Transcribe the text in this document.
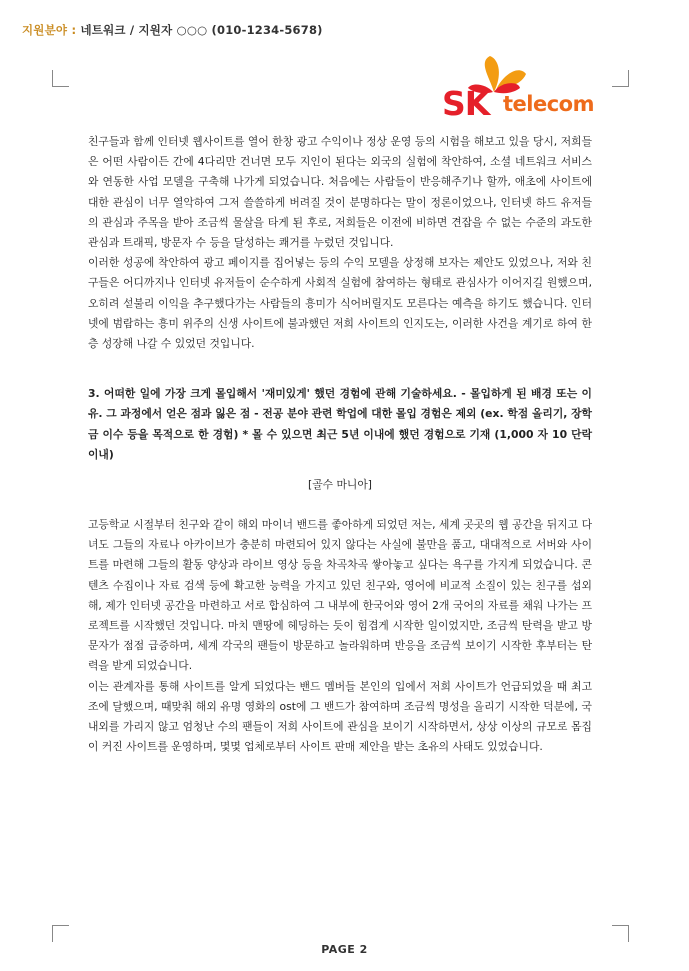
지원분야 : 네트워크 / 지원자 ○○○ (010-1234-5678)
SK telecom

친구들과 함께 인터넷 웹사이트를 열어 한창 광고 수익이나 정상 운영 등의 시험을 해보고 있을 당시, 저희들은 어떤 사람이든 간에 4다리만 건너면 모두 지인이 된다는 외국의 실험에 착안하여, 소셜 네트워크 서비스와 연동한 사업 모델을 구축해 나가게 되었습니다. 처음에는 사람들이 반응해주기나 할까, 애초에 사이트에 대한 관심이 너무 열악하여 그저 쓸쓸하게 버려질 것이 분명하다는 말이 정론이었으나, 인터넷 하드 유저들의 관심과 주목을 받아 조금씩 물살을 타게 된 후로, 저희들은 이전에 비하면 견잡을 수 없는 수준의 과도한 관심과 트래픽, 방문자 수 등을 달성하는 쾌거를 누렸던 것입니다.

이러한 성공에 착안하여 광고 페이지를 집어넣는 등의 수익 모델을 상정해 보자는 제안도 있었으나, 저와 친구들은 어디까지나 인터넷 유저들이 순수하게 사회적 실험에 참여하는 형태로 관심사가 이어지길 원했으며, 오히려 섣불리 이익을 추구했다가는 사람들의 흥미가 식어버릴지도 모른다는 예측을 하기도 했습니다. 인터넷에 범람하는 흥미 위주의 신생 사이트에 불과했던 저희 사이트의 인지도는, 이러한 사건을 계기로 하여 한층 성장해 나갈 수 있었던 것입니다.

3. 어떠한 일에 가장 크게 몰입해서 '재미있게' 했던 경험에 관해 기술하세요. - 몰입하게 된 배경 또는 이유. 그 과정에서 얻은 점과 잃은 점 - 전공 분야 관련 학업에 대한 몰입 경험은 제외 (ex. 학점 올리기, 장학금 이수 등을 목적으로 한 경험) * 몰 수 있으면 최근 5년 이내에 했던 경험으로 기재 (1,000 자 10 단락 이내)

[골수 마니아]

고등학교 시절부터 친구와 같이 해외 마이너 밴드를 좋아하게 되었던 저는, 세계 곳곳의 웹 공간을 뒤지고 다녀도 그들의 자료나 아카이브가 충분히 마련되어 있지 않다는 사실에 불만을 품고, 대대적으로 서버와 사이트를 마련해 그들의 활동 양상과 라이브 영상 등을 차곡차곡 쌓아놓고 싶다는 욕구를 가지게 되었습니다. 콘텐츠 수집이나 자료 검색 등에 확고한 능력을 가지고 있던 친구와, 영어에 비교적 소질이 있는 친구를 섭외해, 제가 인터넷 공간을 마련하고 서로 합심하여 그 내부에 한국어와 영어 2개 국어의 자료를 채워 나가는 프로젝트를 시작했던 것입니다. 마치 맨땅에 헤딩하는 듯이 힘겹게 시작한 일이었지만, 조금씩 탄력을 받고 방문자가 점점 급증하며, 세계 각국의 팬들이 방문하고 놀라워하며 반응을 조금씩 보이기 시작한 후부터는 탄력을 받게 되었습니다.

이는 관계자를 통해 사이트를 알게 되었다는 밴드 멤버들 본인의 입에서 저희 사이트가 언급되었을 때 최고조에 달했으며, 때맞춰 해외 유명 영화의 ost에 그 밴드가 참여하며 조금씩 명성을 올리기 시작한 덕분에, 국내외를 가리지 않고 엄청난 수의 팬들이 저희 사이트에 관심을 보이기 시작하면서, 상상 이상의 규모로 몸집이 커진 사이트를 운영하며, 몇몇 업체로부터 사이트 판매 제안을 받는 초유의 사태도 있었습니다.

PAGE 2
